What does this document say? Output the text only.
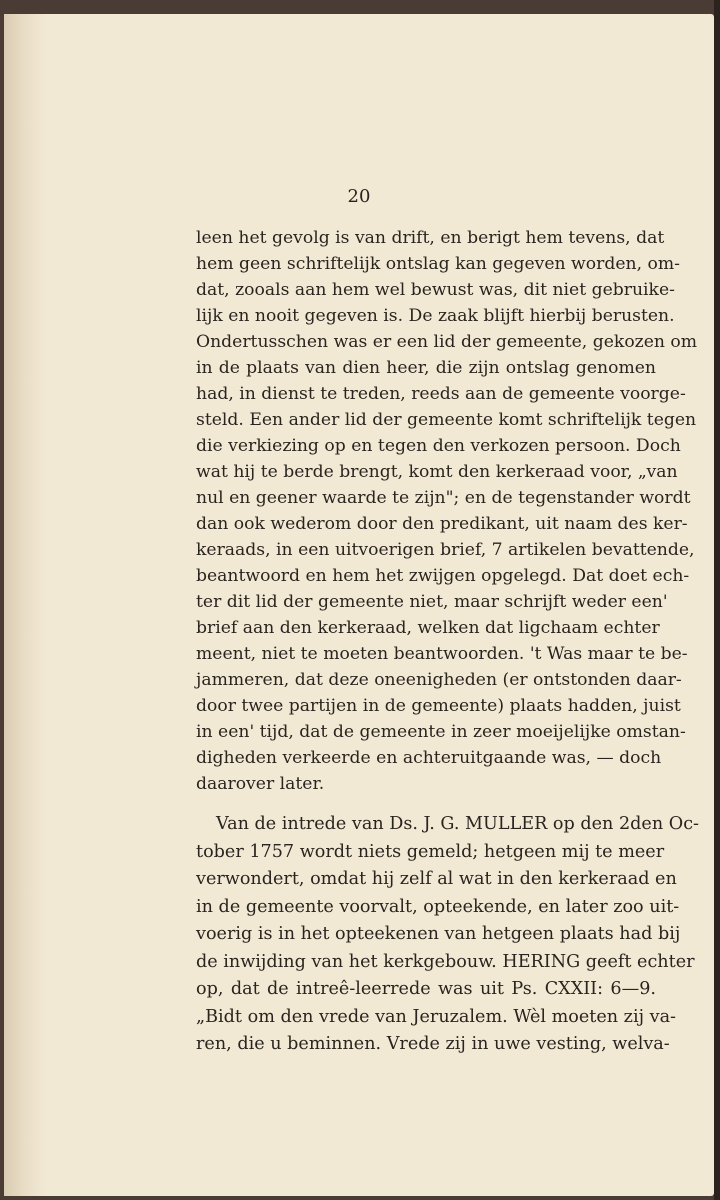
20
leen het gevolg is van drift, en berigt hem tevens, dat
hem geen schriftelijk ontslag kan gegeven worden, om-
dat, zooals aan hem wel bewust was, dit niet gebruike-
lijk en nooit gegeven is. De zaak blijft hierbij berusten.
Ondertusschen was er een lid der gemeente, gekozen om
in de plaats van dien heer, die zijn ontslag genomen
had, in dienst te treden, reeds aan de gemeente voorge-
steld. Een ander lid der gemeente komt schriftelijk tegen
die verkiezing op en tegen den verkozen persoon. Doch
wat hij te berde brengt, komt den kerkeraad voor, „van
nul en geener waarde te zijn"; en de tegenstander wordt
dan ook wederom door den predikant, uit naam des ker-
keraads, in een uitvoerigen brief, 7 artikelen bevattende,
beantwoord en hem het zwijgen opgelegd. Dat doet ech-
ter dit lid der gemeente niet, maar schrijft weder een'
brief aan den kerkeraad, welken dat ligchaam echter
meent, niet te moeten beantwoorden. 't Was maar te be-
jammeren, dat deze oneenigheden (er ontstonden daar-
door twee partijen in de gemeente) plaats hadden, juist
in een' tijd, dat de gemeente in zeer moeijelijke omstan-
digheden verkeerde en achteruitgaande was, — doch
daarover later.
Van de intrede van Ds. J. G. MULLER op den 2den Oc-
tober 1757 wordt niets gemeld; hetgeen mij te meer
verwondert, omdat hij zelf al wat in den kerkeraad en
in de gemeente voorvalt, opteekende, en later zoo uit-
voerig is in het opteekenen van hetgeen plaats had bij
de inwijding van het kerkgebouw. HERING geeft echter
op, dat de intreê-leerrede was uit Ps. CXXII: 6—9.
„Bidt om den vrede van Jeruzalem. Wèl moeten zij va-
ren, die u beminnen. Vrede zij in uwe vesting, welva-
